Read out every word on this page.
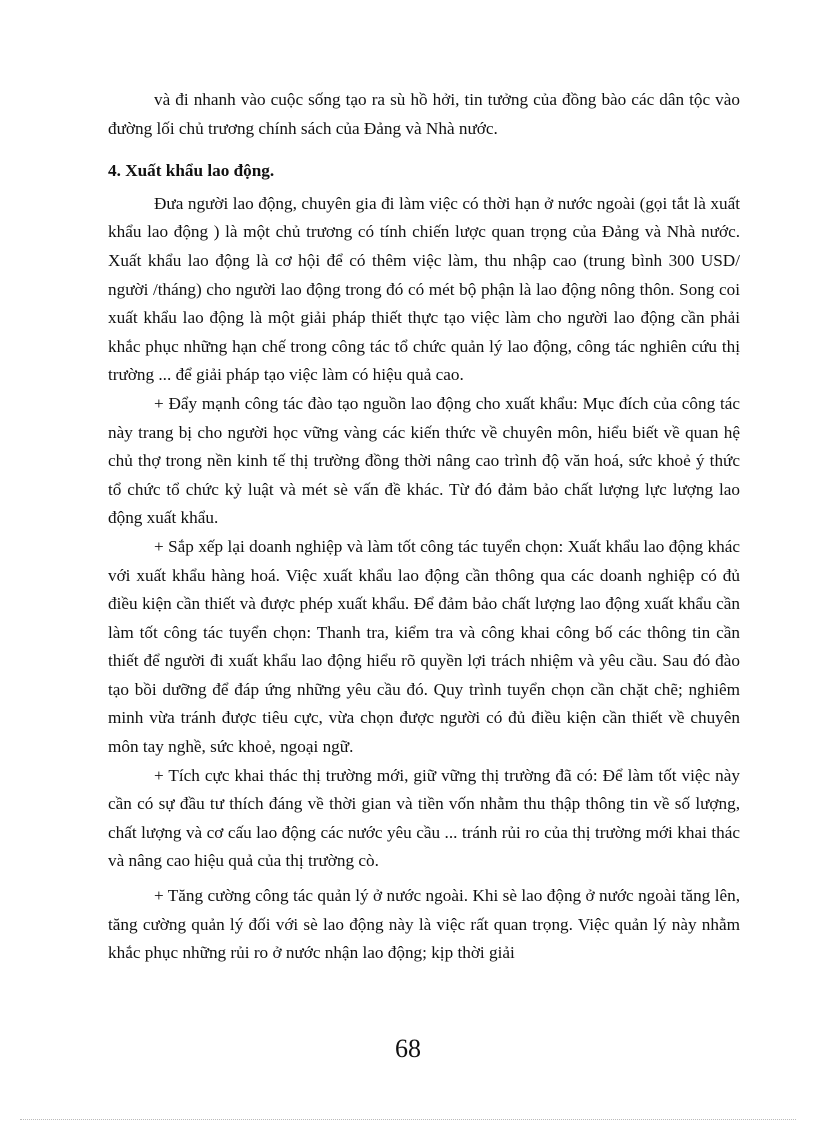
và đi nhanh vào cuộc sống tạo ra sù hồ hởi, tin tưởng của đồng bào các dân tộc vào đường lối chủ trương chính sách của Đảng và Nhà nước.

4. Xuất khẩu lao động.

Đưa người lao động, chuyên gia đi làm việc có thời hạn ở nước ngoài (gọi tắt là xuất khẩu lao động ) là một chủ trương có tính chiến lược quan trọng của Đảng và Nhà nước. Xuất khẩu lao động là cơ hội để có thêm việc làm, thu nhập cao (trung bình 300 USD/ người /tháng) cho người lao động trong đó có mét bộ phận là lao động nông thôn. Song coi xuất khẩu lao động là một giải pháp thiết thực tạo việc làm cho người lao động cần phải khắc phục những hạn chế trong công tác tổ chức quản lý lao động, công tác nghiên cứu thị trường ... để giải pháp tạo việc làm có hiệu quả cao.

+ Đẩy mạnh công tác đào tạo nguồn lao động cho xuất khẩu: Mục đích của công tác này trang bị cho người học vững vàng các kiến thức về chuyên môn, hiểu biết về quan hệ chủ thợ trong nền kinh tế thị trường đồng thời nâng cao trình độ văn hoá, sức khoẻ ý thức tổ chức tổ chức kỷ luật và mét sè vấn đề khác. Từ đó đảm bảo chất lượng lực lượng lao động xuất khẩu.

+ Sắp xếp lại doanh nghiệp và làm tốt công tác tuyển chọn: Xuất khẩu lao động khác với xuất khẩu hàng hoá. Việc xuất khẩu lao động cần thông qua các doanh nghiệp có đủ điều kiện cần thiết và được phép xuất khẩu. Để đảm bảo chất lượng lao động xuất khẩu cần làm tốt công tác tuyển chọn: Thanh tra, kiểm tra và công khai công bố các thông tin cần thiết để người đi xuất khẩu lao động hiểu rõ quyền lợi trách nhiệm và yêu cầu. Sau đó đào tạo bồi dưỡng để đáp ứng những yêu cầu đó. Quy trình tuyển chọn cần chặt chẽ; nghiêm minh vừa tránh được tiêu cực, vừa chọn được người có đủ điều kiện cần thiết về chuyên môn tay nghề, sức khoẻ, ngoại ngữ.

+ Tích cực khai thác thị trường mới, giữ vững thị trường đã có: Để làm tốt việc này cần có sự đầu tư thích đáng về thời gian và tiền vốn nhằm thu thập thông tin về số lượng, chất lượng và cơ cấu lao động các nước yêu cầu ... tránh rủi ro của thị trường mới khai thác và nâng cao hiệu quả của thị trường cò.

+ Tăng cường công tác quản lý ở nước ngoài. Khi sè lao động ở nước ngoài tăng lên, tăng cường quản lý đối với sè lao động này là việc rất quan trọng. Việc quản lý này nhằm khắc phục những rủi ro ở nước nhận lao động; kịp thời giải

68
